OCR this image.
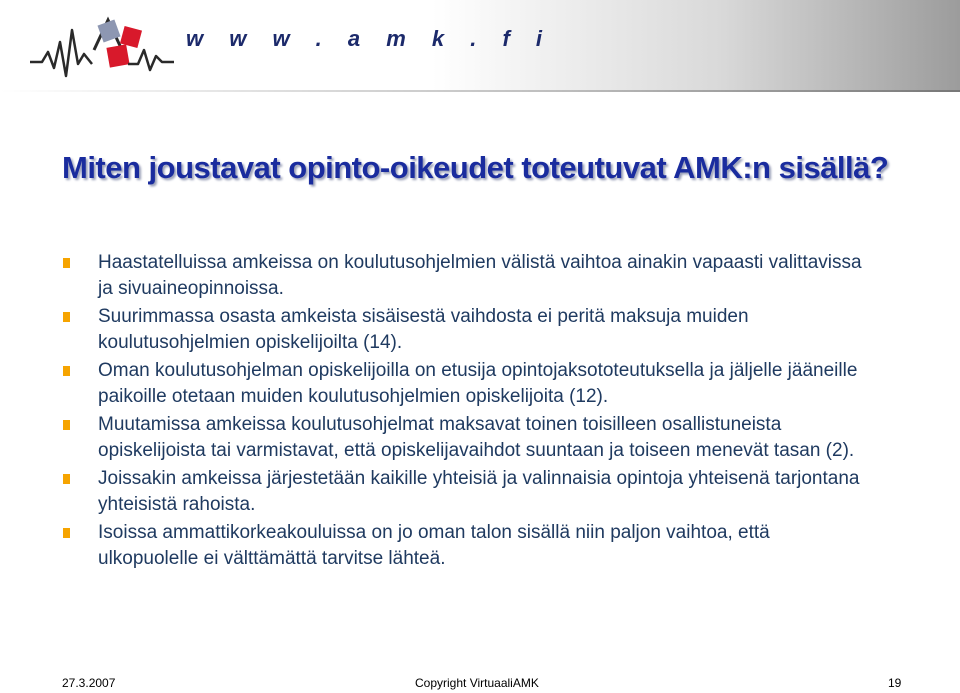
w w w . a m k . f i
Miten joustavat opinto-oikeudet toteutuvat AMK:n sisällä?
Haastatelluissa amkeissa on koulutusohjelmien välistä vaihtoa ainakin vapaasti valittavissa ja sivuaineopinnoissa.
Suurimmassa osasta amkeista sisäisestä vaihdosta ei peritä maksuja muiden koulutusohjelmien opiskelijoilta (14).
Oman koulutusohjelman opiskelijoilla on etusija opintojaksototeutuksella ja jäljelle jääneille paikoille otetaan muiden koulutusohjelmien opiskelijoita (12).
Muutamissa amkeissa koulutusohjelmat maksavat toinen toisilleen osallistuneista opiskelijoista tai varmistavat, että opiskelijavaihdot suuntaan ja toiseen menevät tasan (2).
Joissakin amkeissa järjestetään kaikille yhteisiä ja valinnaisia opintoja yhteisenä tarjontana yhteisistä rahoista.
Isoissa ammattikorkeakouluissa on jo oman talon sisällä niin paljon vaihtoa, että ulkopuolelle ei välttämättä tarvitse lähteä.
27.3.2007	Copyright VirtuaaliAMK	19
